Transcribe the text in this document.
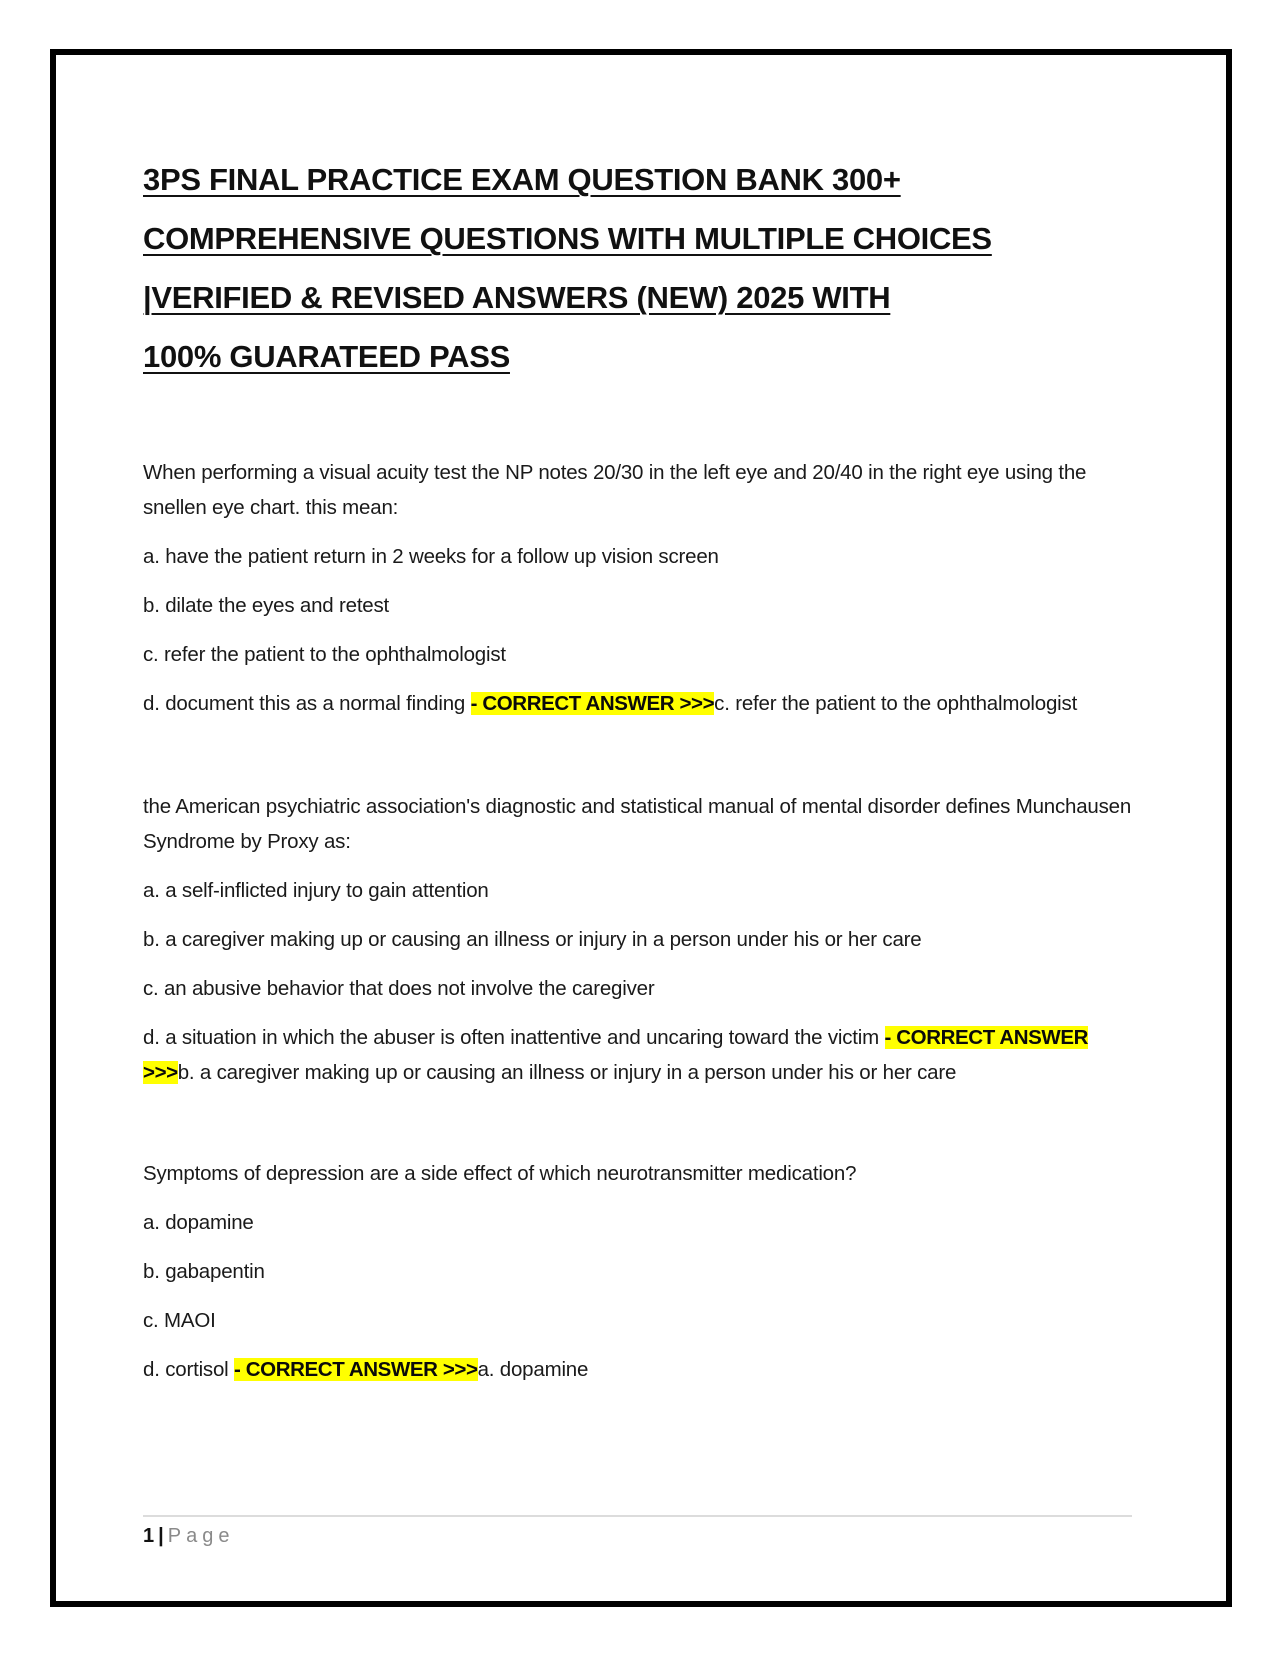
3PS FINAL PRACTICE EXAM QUESTION BANK 300+
COMPREHENSIVE QUESTIONS WITH MULTIPLE CHOICES
|VERIFIED & REVISED ANSWERS (NEW) 2025 WITH
100% GUARATEED PASS

When performing a visual acuity test the NP notes 20/30 in the left eye and 20/40 in the right eye using the snellen eye chart. this mean:

a. have the patient return in 2 weeks for a follow up vision screen

b. dilate the eyes and retest

c. refer the patient to the ophthalmologist

d. document this as a normal finding - CORRECT ANSWER >>>c. refer the patient to the ophthalmologist

the American psychiatric association's diagnostic and statistical manual of mental disorder defines Munchausen Syndrome by Proxy as:

a. a self-inflicted injury to gain attention

b. a caregiver making up or causing an illness or injury in a person under his or her care

c. an abusive behavior that does not involve the caregiver

d. a situation in which the abuser is often inattentive and uncaring toward the victim - CORRECT ANSWER >>>b. a caregiver making up or causing an illness or injury in a person under his or her care

Symptoms of depression are a side effect of which neurotransmitter medication?

a. dopamine

b. gabapentin

c. MAOI

d. cortisol - CORRECT ANSWER >>>a. dopamine

1 | Page
